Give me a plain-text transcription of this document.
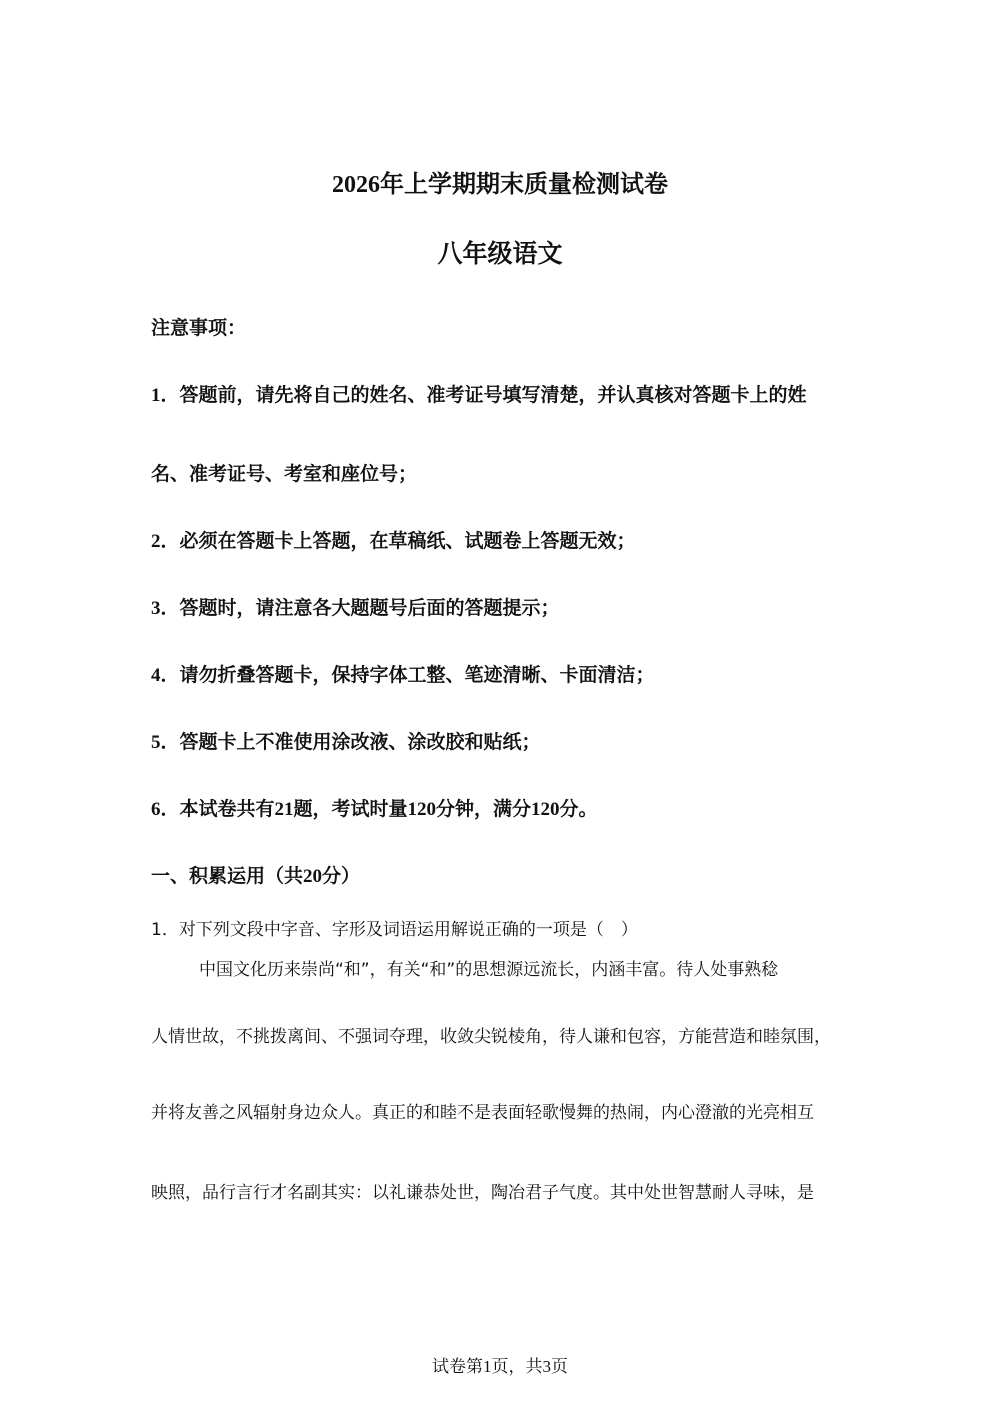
2026年上学期期末质量检测试卷
八年级语文
注意事项：
1．答题前，请先将自己的姓名、准考证号填写清楚，并认真核对答题卡上的姓
名、准考证号、考室和座位号；
2．必须在答题卡上答题，在草稿纸、试题卷上答题无效；
3．答题时，请注意各大题题号后面的答题提示；
4．请勿折叠答题卡，保持字体工整、笔迹清晰、卡面清洁；
5．答题卡上不准使用涂改液、涂改胶和贴纸；
6．本试卷共有21题，考试时量120分钟，满分120分。
一、积累运用（共20分）
1．对下列文段中字音、字形及词语运用解说正确的一项是（　）
中国文化历来崇尚“和”，有关“和”的思想源远流长，内涵丰富。待人处事熟稔
人情世故，不挑拨离间、不强词夺理，收敛尖锐棱角，待人谦和包容，方能营造和睦氛围，
并将友善之风辐射身边众人。真正的和睦不是表面轻歌慢舞的热闹，内心澄澈的光亮相互
映照，品行言行才名副其实：以礼谦恭处世，陶冶君子气度。其中处世智慧耐人寻味，是
试卷第1页，共3页
